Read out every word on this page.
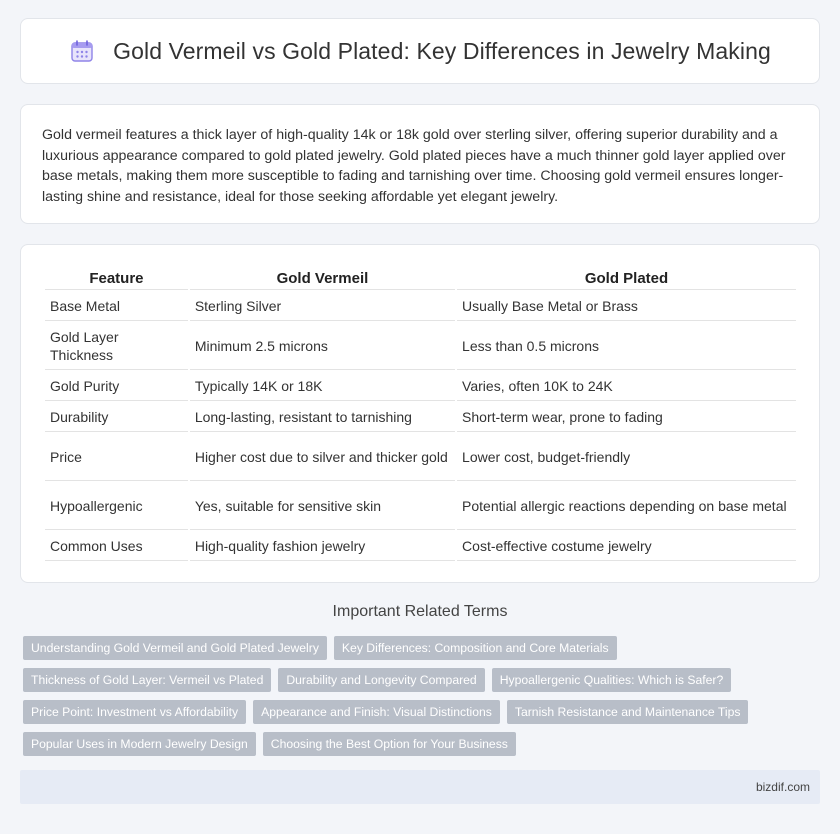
Gold Vermeil vs Gold Plated: Key Differences in Jewelry Making

Gold vermeil features a thick layer of high-quality 14k or 18k gold over sterling silver, offering superior durability and a luxurious appearance compared to gold plated jewelry. Gold plated pieces have a much thinner gold layer applied over base metals, making them more susceptible to fading and tarnishing over time. Choosing gold vermeil ensures longer-lasting shine and resistance, ideal for those seeking affordable yet elegant jewelry.

Feature	Gold Vermeil	Gold Plated
Base Metal	Sterling Silver	Usually Base Metal or Brass
Gold Layer Thickness	Minimum 2.5 microns	Less than 0.5 microns
Gold Purity	Typically 14K or 18K	Varies, often 10K to 24K
Durability	Long-lasting, resistant to tarnishing	Short-term wear, prone to fading
Price	Higher cost due to silver and thicker gold	Lower cost, budget-friendly
Hypoallergenic	Yes, suitable for sensitive skin	Potential allergic reactions depending on base metal
Common Uses	High-quality fashion jewelry	Cost-effective costume jewelry
Important Related Terms
Understanding Gold Vermeil and Gold Plated Jewelry	Key Differences: Composition and Core Materials
Thickness of Gold Layer: Vermeil vs Plated	Durability and Longevity Compared	Hypoallergenic Qualities: Which is Safer?
Price Point: Investment vs Affordability	Appearance and Finish: Visual Distinctions	Tarnish Resistance and Maintenance Tips
Popular Uses in Modern Jewelry Design	Choosing the Best Option for Your Business
bizdif.com
